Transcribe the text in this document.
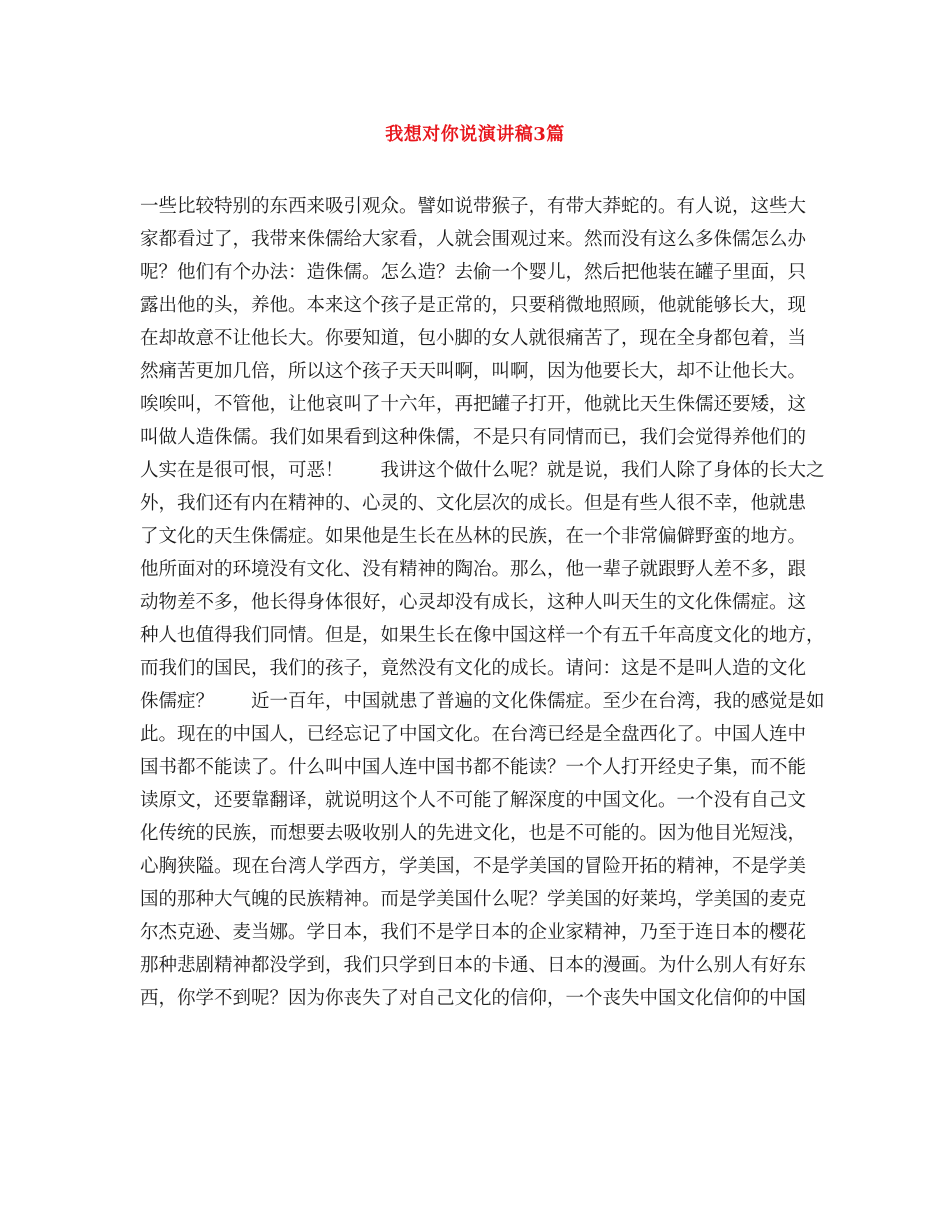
我想对你说演讲稿3篇
一些比较特别的东西来吸引观众。譬如说带猴子，有带大莽蛇的。有人说，这些大
家都看过了，我带来侏儒给大家看，人就会围观过来。然而没有这么多侏儒怎么办
呢？他们有个办法：造侏儒。怎么造？去偷一个婴儿，然后把他装在罐子里面，只
露出他的头，养他。本来这个孩子是正常的，只要稍微地照顾，他就能够长大，现
在却故意不让他长大。你要知道，包小脚的女人就很痛苦了，现在全身都包着，当
然痛苦更加几倍，所以这个孩子天天叫啊，叫啊，因为他要长大，却不让他长大。
唉唉叫，不管他，让他哀叫了十六年，再把罐子打开，他就比天生侏儒还要矮，这
叫做人造侏儒。我们如果看到这种侏儒，不是只有同情而已，我们会觉得养他们的
人实在是很可恨，可恶！　　我讲这个做什么呢？就是说，我们人除了身体的长大之
外，我们还有内在精神的、心灵的、文化层次的成长。但是有些人很不幸，他就患
了文化的天生侏儒症。如果他是生长在丛林的民族，在一个非常偏僻野蛮的地方。
他所面对的环境没有文化、没有精神的陶冶。那么，他一辈子就跟野人差不多，跟
动物差不多，他长得身体很好，心灵却没有成长，这种人叫天生的文化侏儒症。这
种人也值得我们同情。但是，如果生长在像中国这样一个有五千年高度文化的地方，
而我们的国民，我们的孩子，竟然没有文化的成长。请问：这是不是叫人造的文化
侏儒症？　　近一百年，中国就患了普遍的文化侏儒症。至少在台湾，我的感觉是如
此。现在的中国人，已经忘记了中国文化。在台湾已经是全盘西化了。中国人连中
国书都不能读了。什么叫中国人连中国书都不能读？一个人打开经史子集，而不能
读原文，还要靠翻译，就说明这个人不可能了解深度的中国文化。一个没有自己文
化传统的民族，而想要去吸收别人的先进文化，也是不可能的。因为他目光短浅，
心胸狭隘。现在台湾人学西方，学美国，不是学美国的冒险开拓的精神，不是学美
国的那种大气魄的民族精神。而是学美国什么呢？学美国的好莱坞，学美国的麦克
尔杰克逊、麦当娜。学日本，我们不是学日本的企业家精神，乃至于连日本的樱花
那种悲剧精神都没学到，我们只学到日本的卡通、日本的漫画。为什么别人有好东
西，你学不到呢？因为你丧失了对自己文化的信仰，一个丧失中国文化信仰的中国
